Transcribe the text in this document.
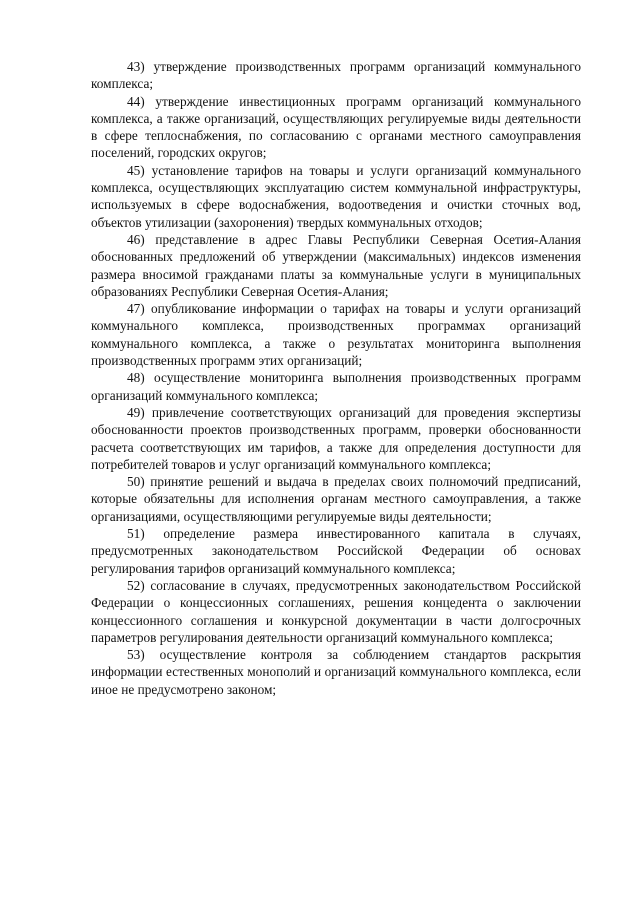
43) утверждение производственных программ организаций коммунального комплекса;

44) утверждение инвестиционных программ организаций коммунального комплекса, а также организаций, осуществляющих регулируемые виды деятельности в сфере теплоснабжения, по согласованию с органами местного самоуправления поселений, городских округов;

45) установление тарифов на товары и услуги организаций коммунального комплекса, осуществляющих эксплуатацию систем коммунальной инфраструктуры, используемых в сфере водоснабжения, водоотведения и очистки сточных вод, объектов утилизации (захоронения) твердых коммунальных отходов;

46) представление в адрес Главы Республики Северная Осетия-Алания обоснованных предложений об утверждении (максимальных) индексов изменения размера вносимой гражданами платы за коммунальные услуги в муниципальных образованиях Республики Северная Осетия-Алания;

47) опубликование информации о тарифах на товары и услуги организаций коммунального комплекса, производственных программах организаций коммунального комплекса, а также о результатах мониторинга выполнения производственных программ этих организаций;

48) осуществление мониторинга выполнения производственных программ организаций коммунального комплекса;

49) привлечение соответствующих организаций для проведения экспертизы обоснованности проектов производственных программ, проверки обоснованности расчета соответствующих им тарифов, а также для определения доступности для потребителей товаров и услуг организаций коммунального комплекса;

50) принятие решений и выдача в пределах своих полномочий предписаний, которые обязательны для исполнения органам местного самоуправления, а также организациями, осуществляющими регулируемые виды деятельности;

51) определение размера инвестированного капитала в случаях, предусмотренных законодательством Российской Федерации об основах регулирования тарифов организаций коммунального комплекса;

52) согласование в случаях, предусмотренных законодательством Российской Федерации о концессионных соглашениях, решения концедента о заключении концессионного соглашения и конкурсной документации в части долгосрочных параметров регулирования деятельности организаций коммунального комплекса;

53) осуществление контроля за соблюдением стандартов раскрытия информации естественных монополий и организаций коммунального комплекса, если иное не предусмотрено законом;
